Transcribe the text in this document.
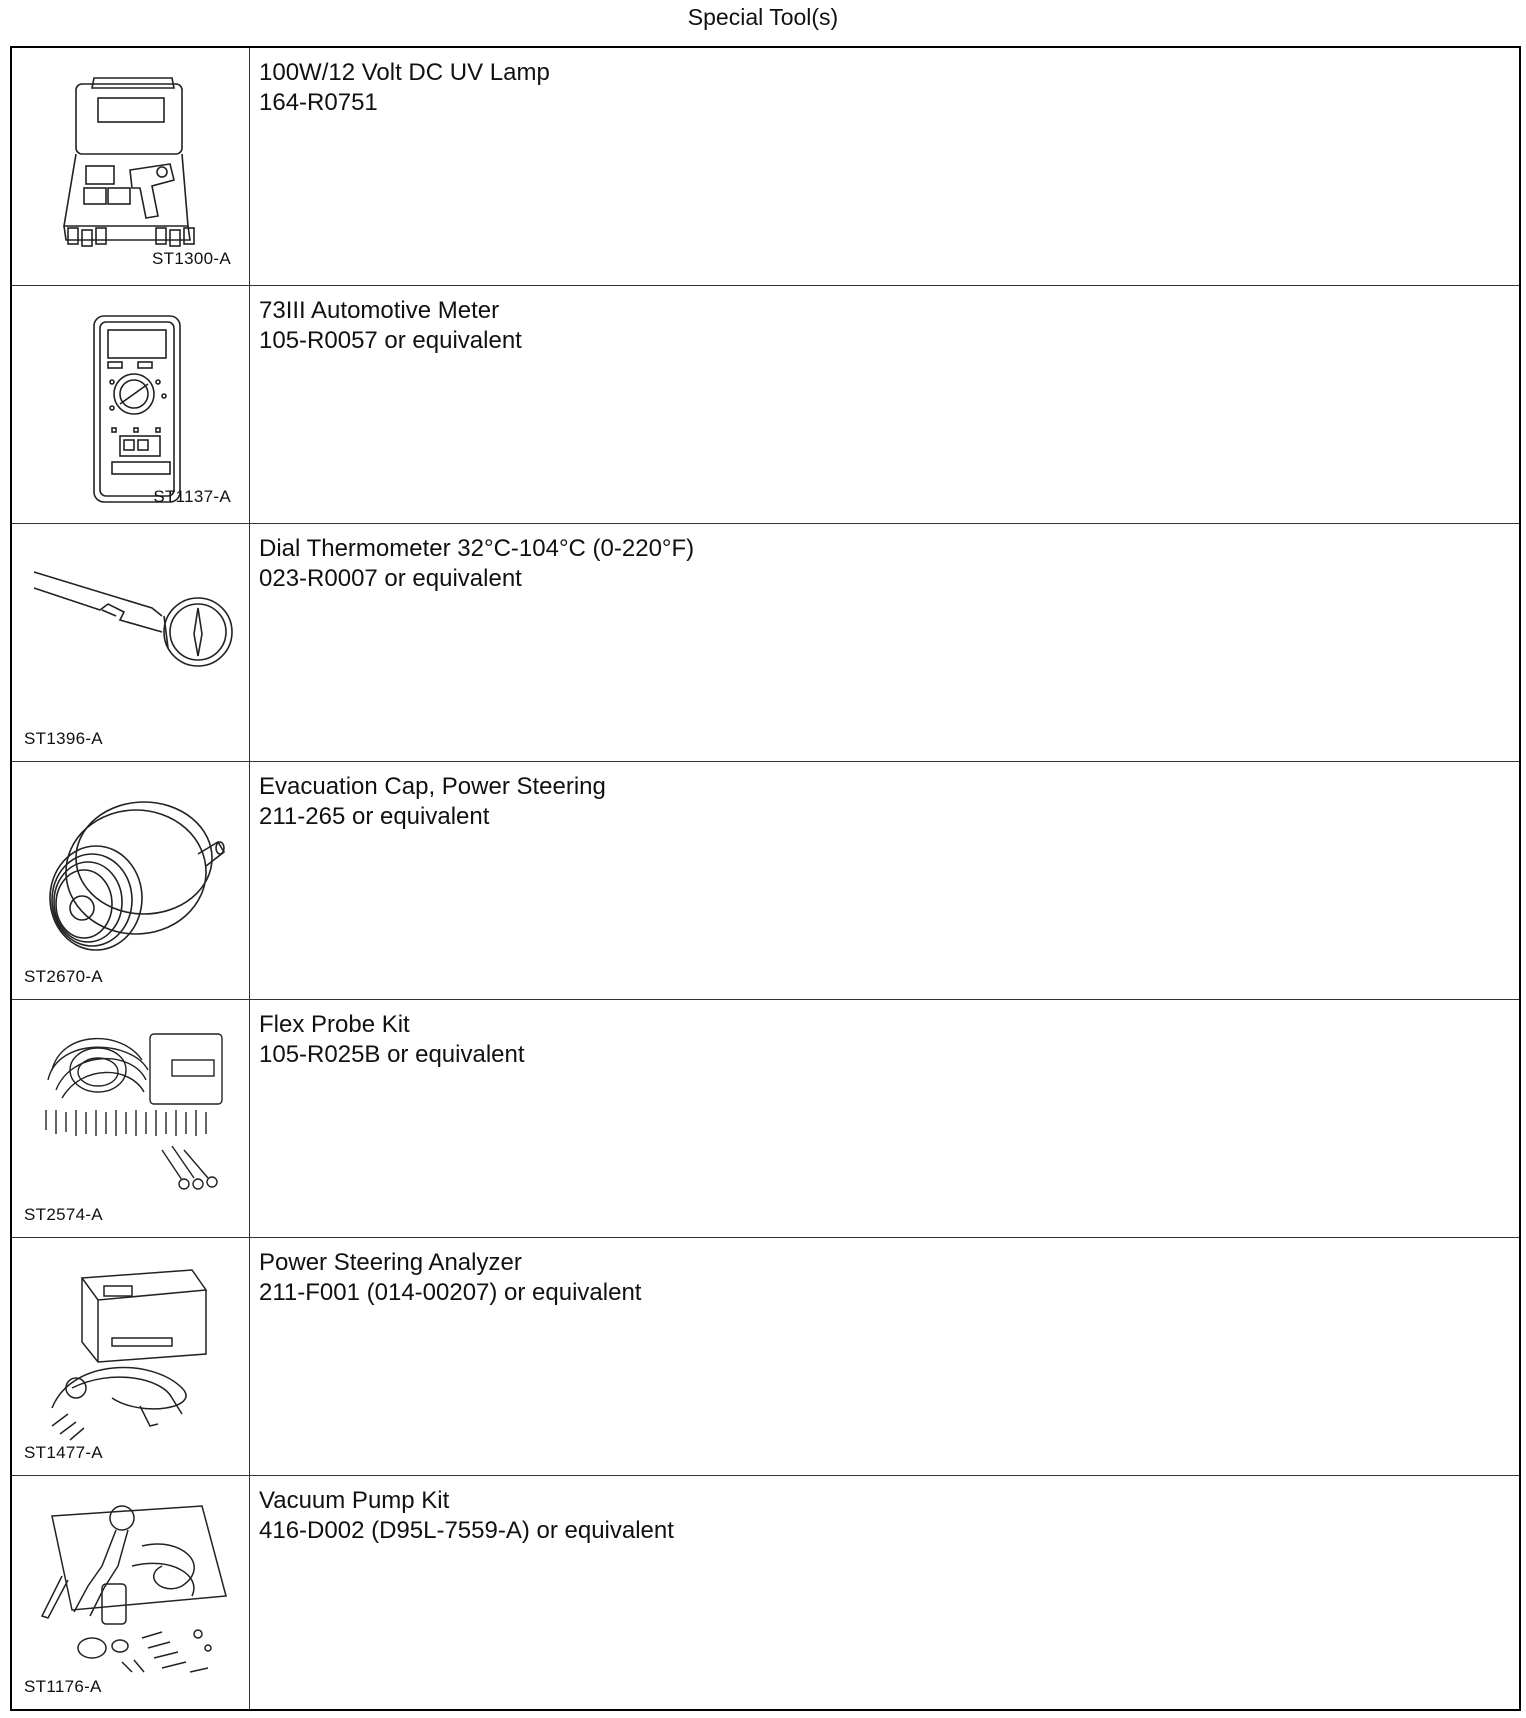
Special Tool(s)
ST1300-A
100W/12 Volt DC UV Lamp
164-R0751
ST1137-A
73III Automotive Meter
105-R0057 or equivalent
ST1396-A
Dial Thermometer 32°C-104°C (0-220°F)
023-R0007 or equivalent
ST2670-A
Evacuation Cap, Power Steering
211-265 or equivalent
ST2574-A
Flex Probe Kit
105-R025B or equivalent
ST1477-A
Power Steering Analyzer
211-F001 (014-00207) or equivalent
ST1176-A
Vacuum Pump Kit
416-D002 (D95L-7559-A) or equivalent
